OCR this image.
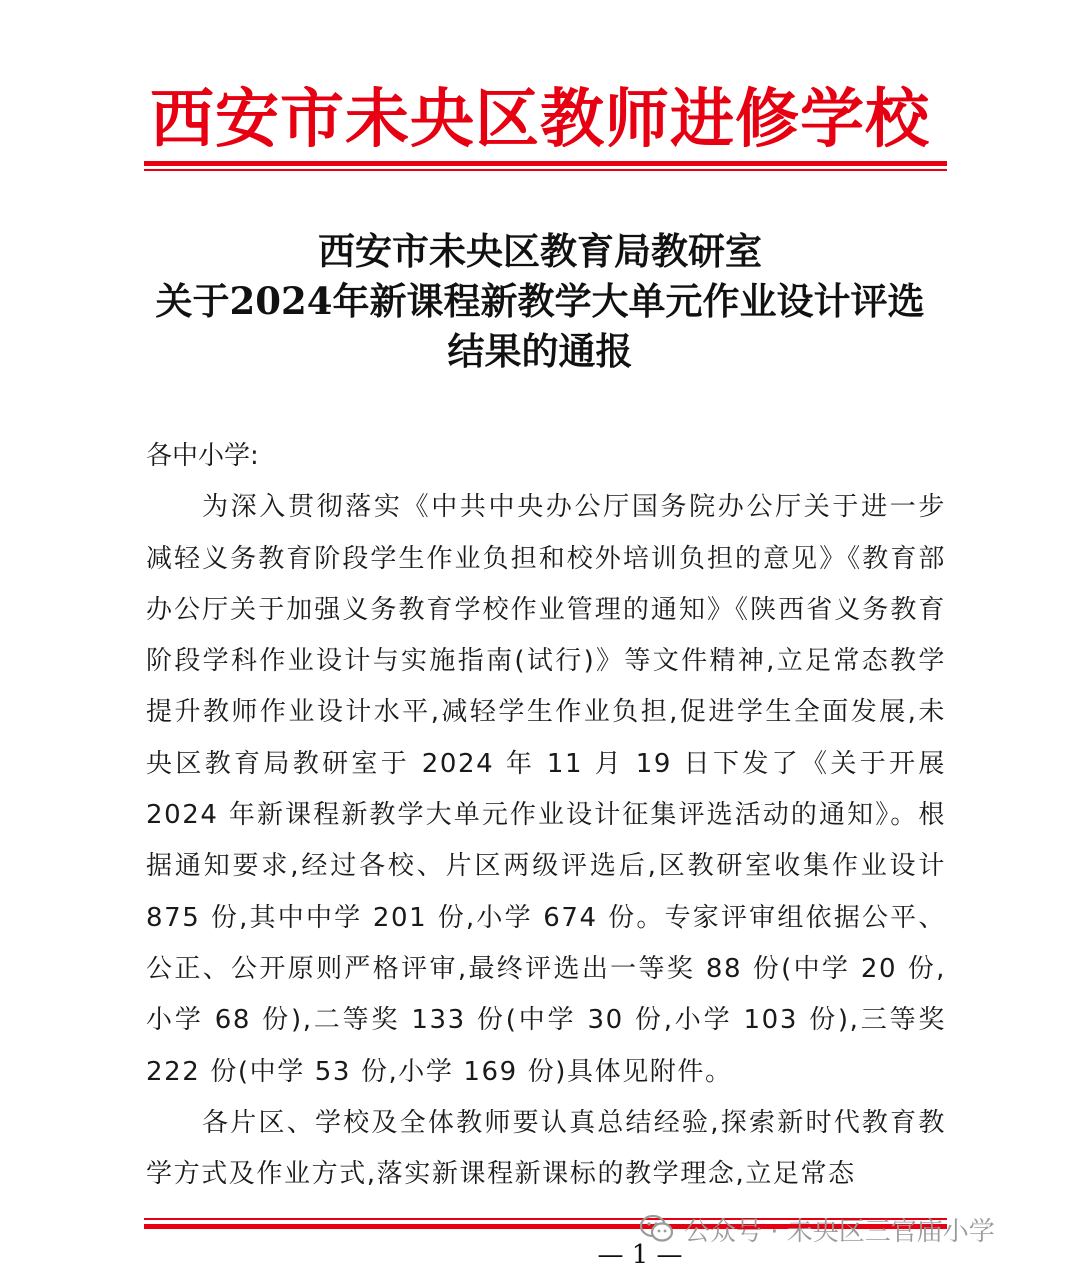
西安市未央区教师进修学校
西安市未央区教育局教研室
关于2024年新课程新教学大单元作业设计评选
结果的通报
各中小学:

为深入贯彻落实《中共中央办公厅国务院办公厅关于进一步减轻义务教育阶段学生作业负担和校外培训负担的意见》《教育部办公厅关于加强义务教育学校作业管理的通知》《陕西省义务教育阶段学科作业设计与实施指南(试行)》等文件精神,立足常态教学提升教师作业设计水平,减轻学生作业负担,促进学生全面发展,未央区教育局教研室于 2024 年 11 月 19 日下发了《关于开展 2024 年新课程新教学大单元作业设计征集评选活动的通知》。根据通知要求,经过各校、片区两级评选后,区教研室收集作业设计 875 份,其中中学 201 份,小学 674 份。专家评审组依据公平、公正、公开原则严格评审,最终评选出一等奖 88 份(中学 20 份,小学 68 份),二等奖 133 份(中学 30 份,小学 103 份),三等奖 222 份(中学 53 份,小学 169 份)具体见附件。

各片区、学校及全体教师要认真总结经验,探索新时代教育教学方式及作业方式,落实新课程新课标的教学理念,立足常态

公众号 · 未央区三官庙小学
— 1 —
